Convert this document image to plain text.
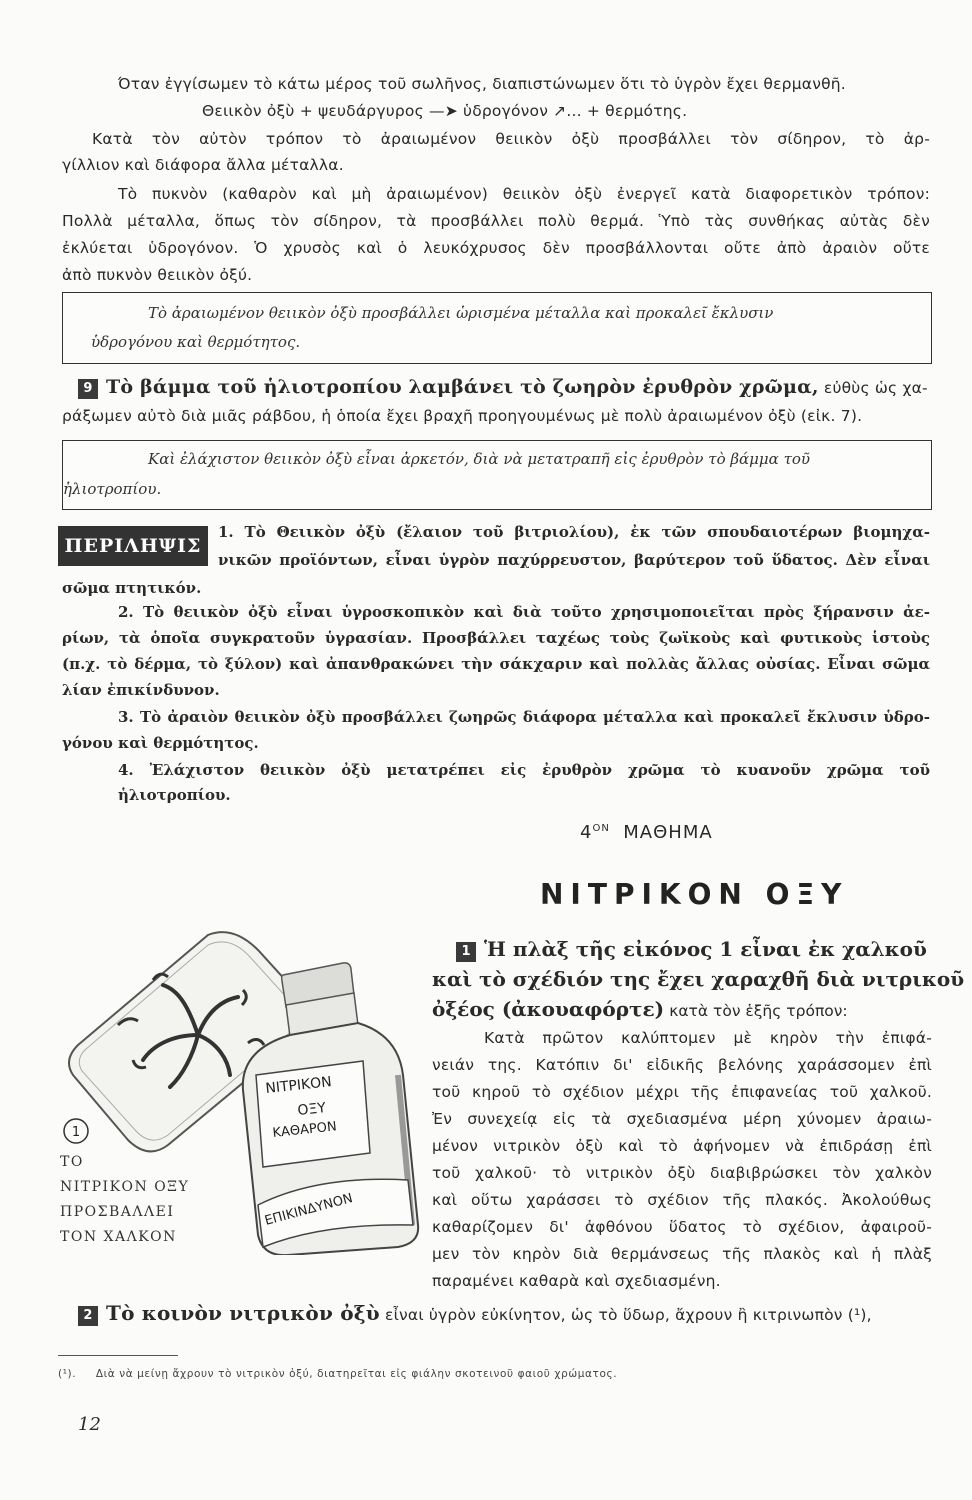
Όταν ἐγγίσωμεν τὸ κάτω μέρος τοῦ σωλῆνος, διαπιστώνωμεν ὅτι τὸ ὑγρὸν ἔχει θερμανθῆ.
Θειικὸν ὀξὺ + ψευδάργυρος —➤ ὑδρογόνον ↗... + θερμότης.
Κατὰ τὸν αὐτὸν τρόπον τὸ ἀραιωμένον θειικὸν ὀξὺ προσβάλλει τὸν σίδηρον, τὸ ἀρ-
γίλλιον καὶ διάφορα ἄλλα μέταλλα.
Τὸ πυκνὸν (καθαρὸν καὶ μὴ ἀραιωμένον) θειικὸν ὀξὺ ἐνεργεῖ κατὰ διαφορετικὸν τρόπον:
Πολλὰ μέταλλα, ὅπως τὸν σίδηρον, τὰ προσβάλλει πολὺ θερμά. Ὑπὸ τὰς συνθήκας αὐτὰς δὲν
ἐκλύεται ὑδρογόνον. Ὁ χρυσὸς καὶ ὁ λευκόχρυσος δὲν προσβάλλονται οὔτε ἀπὸ ἀραιὸν οὔτε
ἀπὸ πυκνὸν θειικὸν ὀξύ.
Τὸ ἀραιωμένον θειικὸν ὀξὺ προσβάλλει ὡρισμένα μέταλλα καὶ προκαλεῖ ἔκλυσιν
ὑδρογόνου καὶ θερμότητος.
9 Τὸ βάμμα τοῦ ἡλιοτροπίου λαμβάνει τὸ ζωηρὸν ἐρυθρὸν χρῶμα, εὐθὺς ὡς χα-
ράξωμεν αὐτὸ διὰ μιᾶς ράβδου, ἡ ὁποία ἔχει βραχῆ προηγουμένως μὲ πολὺ ἀραιωμένον ὀξὺ (εἰκ. 7).
Καὶ ἐλάχιστον θειικὸν ὀξὺ εἶναι ἀρκετόν, διὰ νὰ μετατραπῆ εἰς ἐρυθρὸν τὸ βάμμα τοῦ
ἡλιοτροπίου.
ΠΕΡΙΛΗΨΙΣ
1. Τὸ Θειικὸν ὀξὺ (ἔλαιον τοῦ βιτριολίου), ἐκ τῶν σπουδαιοτέρων βιομηχα-
νικῶν προϊόντων, εἶναι ὑγρὸν παχύρρευστον, βαρύτερον τοῦ ὕδατος. Δὲν εἶναι
σῶμα πτητικόν.
2. Τὸ θειικὸν ὀξὺ εἶναι ὑγροσκοπικὸν καὶ διὰ τοῦτο χρησιμοποιεῖται πρὸς ξήρανσιν ἀε-
ρίων, τὰ ὁποῖα συγκρατοῦν ὑγρασίαν. Προσβάλλει ταχέως τοὺς ζωϊκοὺς καὶ φυτικοὺς ἱστοὺς
(π.χ. τὸ δέρμα, τὸ ξύλον) καὶ ἀπανθρακώνει τὴν σάκχαριν καὶ πολλὰς ἄλλας οὐσίας. Εἶναι σῶμα
λίαν ἐπικίνδυνον.
3. Τὸ ἀραιὸν θειικὸν ὀξὺ προσβάλλει ζωηρῶς διάφορα μέταλλα καὶ προκαλεῖ ἔκλυσιν ὑδρο-
γόνου καὶ θερμότητος.
4. Ἐλάχιστον θειικὸν ὀξὺ μετατρέπει εἰς ἐρυθρὸν χρῶμα τὸ κυανοῦν χρῶμα τοῦ ἡλιοτροπίου.
$4^{ON}$ ΜΑΘΗΜΑ
ΝΙΤΡΙΚΟΝ ΟΞΥ
ΝΙΤΡΙΚΟΝ
ΟΞΥ
ΚΑΘΑΡΟΝ
ΕΠΙΚΙΝΔΥΝΟΝ
1
ΤΟ
ΝΙΤΡΙΚΟΝ ΟΞΥ
ΠΡΟΣΒΑΛΛΕΙ
ΤΟΝ ΧΑΛΚΟΝ
1 Ἡ πλὰξ τῆς εἰκόνος 1 εἶναι ἐκ χαλκοῦ
καὶ τὸ σχέδιόν της ἔχει χαραχθῆ διὰ νιτρικοῦ
ὀξέος (ἀκουαφόρτε) κατὰ τὸν ἑξῆς τρόπον:
Κατὰ πρῶτον καλύπτομεν μὲ κηρὸν τὴν ἐπιφά-
νειάν της. Κατόπιν δι' εἰδικῆς βελόνης χαράσσομεν ἐπὶ
τοῦ κηροῦ τὸ σχέδιον μέχρι τῆς ἐπιφανείας τοῦ χαλκοῦ.
Ἐν συνεχείᾳ εἰς τὰ σχεδιασμένα μέρη χύνομεν ἀραιω-
μένον νιτρικὸν ὀξὺ καὶ τὸ ἀφήνομεν νὰ ἐπιδράσῃ ἐπὶ
τοῦ χαλκοῦ· τὸ νιτρικὸν ὀξὺ διαβιβρώσκει τὸν χαλκὸν
καὶ οὕτω χαράσσει τὸ σχέδιον τῆς πλακός. Ἀκολούθως
καθαρίζομεν δι' ἀφθόνου ὕδατος τὸ σχέδιον, ἀφαιροῦ-
μεν τὸν κηρὸν διὰ θερμάνσεως τῆς πλακὸς καὶ ἡ πλὰξ
παραμένει καθαρὰ καὶ σχεδιασμένη.
2 Τὸ κοινὸν νιτρικὸν ὀξὺ εἶναι ὑγρὸν εὐκίνητον, ὡς τὸ ὕδωρ, ἄχρουν ἢ κιτρινωπὸν (¹),
(¹).     Διὰ νὰ μείνῃ ἄχρουν τὸ νιτρικὸν ὀξύ, διατηρεῖται εἰς φιάλην σκοτεινοῦ φαιοῦ χρώματος.
12
